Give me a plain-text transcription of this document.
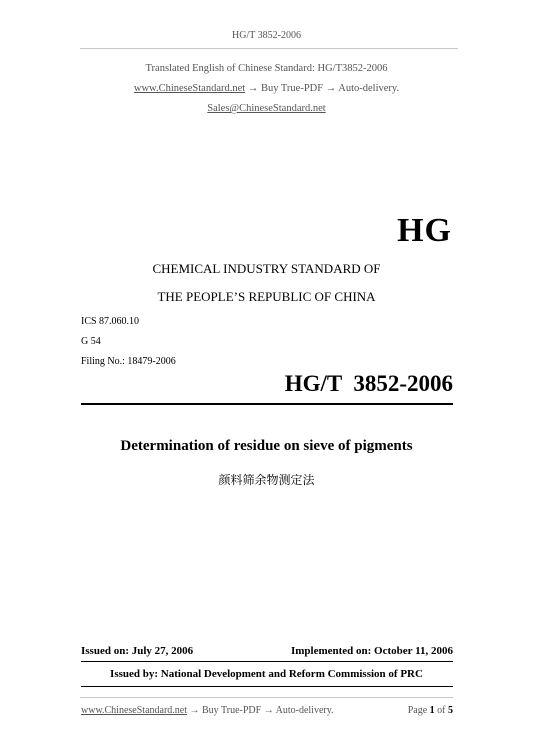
HG/T 3852-2006
Translated English of Chinese Standard: HG/T3852-2006
www.ChineseStandard.net → Buy True-PDF → Auto-delivery.
Sales@ChineseStandard.net
HG
CHEMICAL INDUSTRY STANDARD OF
THE PEOPLE’S REPUBLIC OF CHINA
ICS 87.060.10
G 54
Filing No.: 18479-2006
HG/T  3852-2006
Determination of residue on sieve of pigments
颜料筛余物测定法
Issued on: July 27, 2006	Implemented on: October 11, 2006
Issued by: National Development and Reform Commission of PRC
www.ChineseStandard.net → Buy True-PDF → Auto-delivery.	Page 1 of 5
